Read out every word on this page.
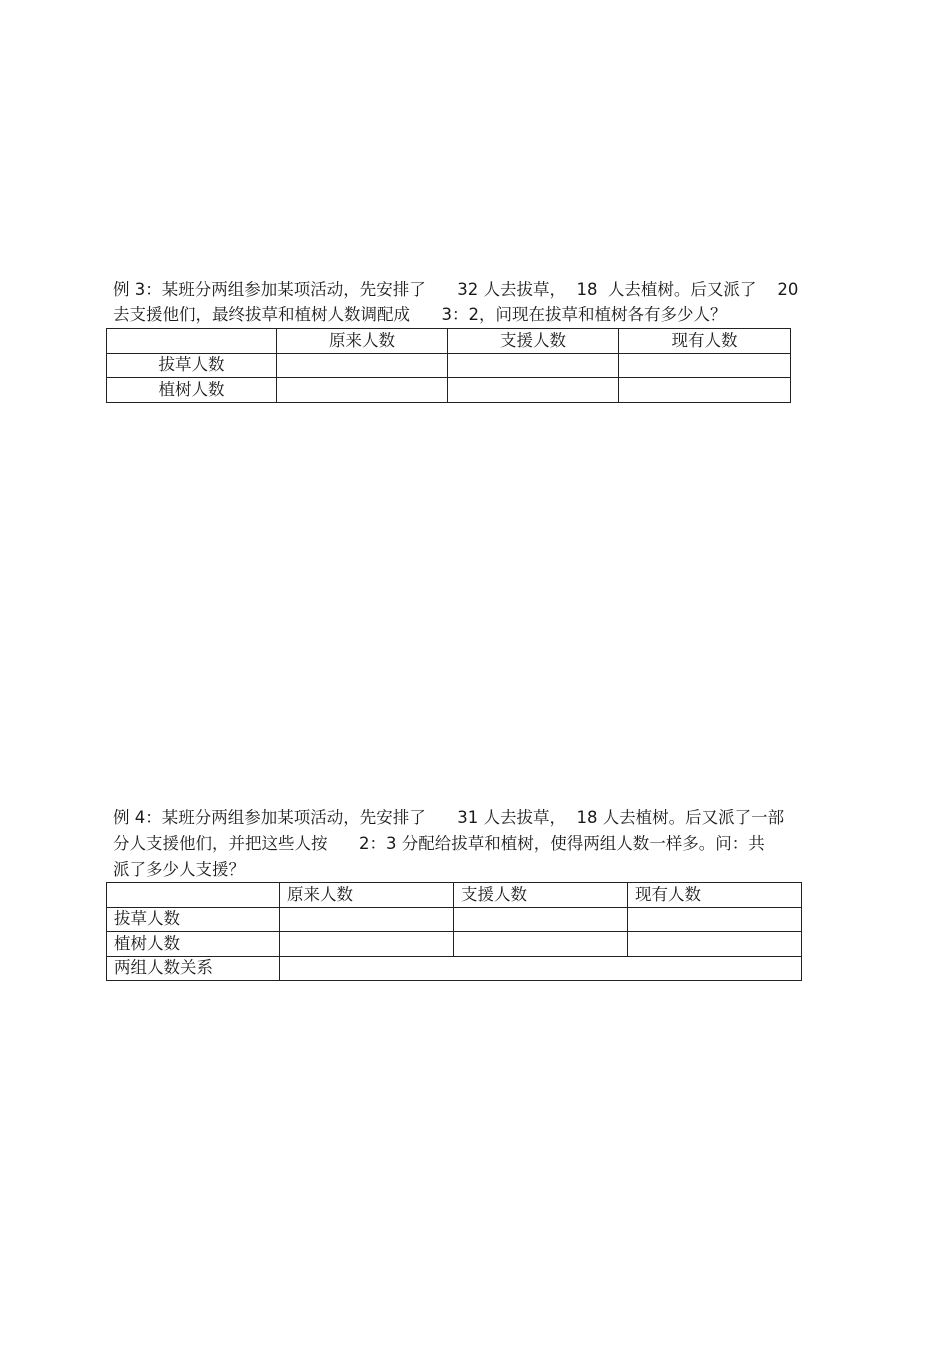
例 3：某班分两组参加某项活动，先安排了      32 人去拔草，  18  人去植树。后又派了    20
去支援他们，最终拔草和植树人数调配成      3：2，问现在拔草和植树各有多少人？
	原来人数	支援人数	现有人数
拔草人数			
植树人数			
例 4：某班分两组参加某项活动，先安排了      31 人去拔草，  18 人去植树。后又派了一部
分人支援他们，并把这些人按      2：3 分配给拔草和植树，使得两组人数一样多。问：共
派了多少人支援？
	原来人数	支援人数	现有人数
拔草人数			
植树人数			
两组人数关系			
